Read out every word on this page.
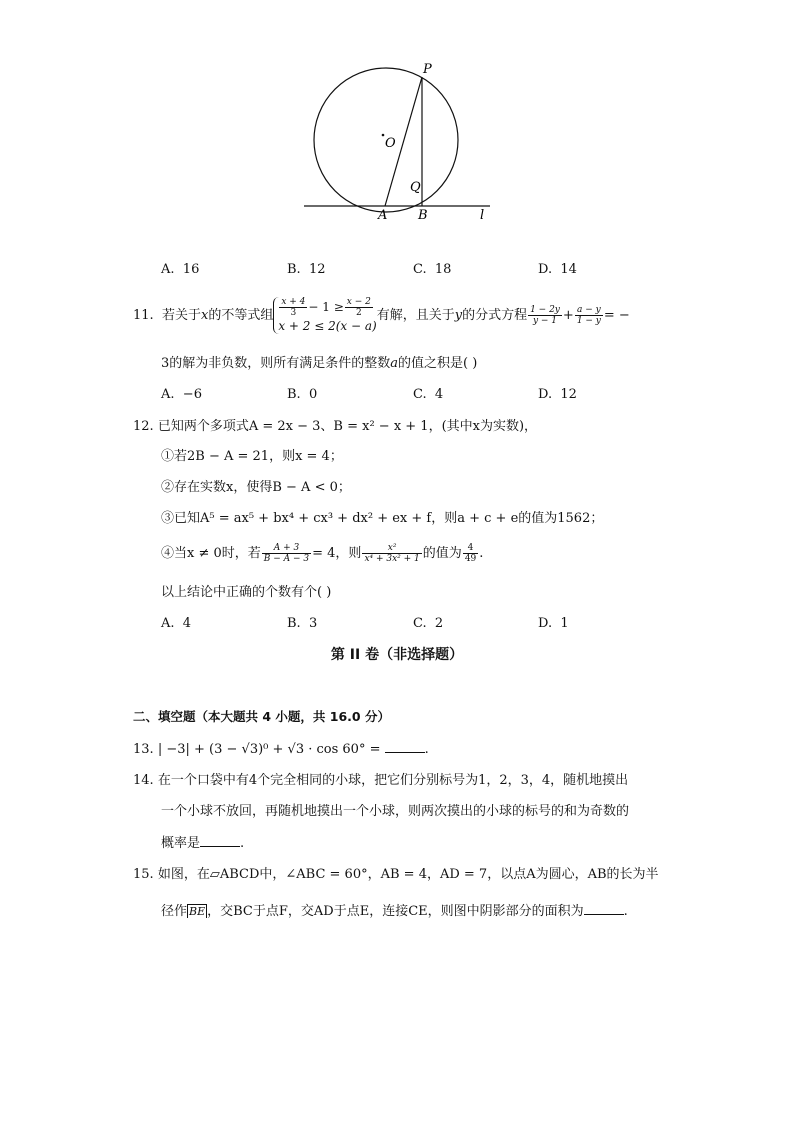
P
O
Q
A B	l
A. 16	B. 12	C. 18	D. 14
11. 若关于x的不等式组 $\frac{x + 4}{3} - 1 \ge \frac{x - 2}{2}$

x + 2 ≤ 2(x − a)有解，且关于y的分式方程 $\frac{1 - 2y}{y - 1} + \frac{a - y}{1 - y}$ = −
3的解为非负数，则所有满足条件的整数a的值之积是( )
A. −6	B. 0	C. 4	D. 12
12. 已知两个多项式A = 2x − 3、B = x² − x + 1，(其中x为实数)，
①若2B − A = 21，则x = 4；
②存在实数x，使得B − A < 0；
③已知A⁵ = ax⁵ + bx⁴ + cx³ + dx² + ex + f，则a + c + e的值为1562；
④当x ≠ 0时，若 $\frac{A + 3}{B - A - 3} = 4$，则 $\frac{\text{x²}}{\text{x⁴ + 3x² + 1}}$ 的值为 $\frac{4}{49}$ .
以上结论中正确的个数有个( )
A. 4	B. 3	C. 2	D. 1
第 II 卷（非选择题）
二、填空题（本大题共 4 小题，共 16.0 分）
13. | −3| + (3 − √3)⁰ + √3 · cos 60° =	.
14. 在一个口袋中有4个完全相同的小球，把它们分别标号为1，2，3，4，随机地摸出
一个小球不放回，再随机地摸出一个小球，则两次摸出的小球的标号的和为奇数的
概率是	.
15. 如图，在▱ABCD中，∠ABC = 60°，AB = 4，AD = 7，以点A为圆心，AB的长为半
径作 BE ，交BC于点F，交AD于点E，连接CE，则图中阴影部分的面积为	.
